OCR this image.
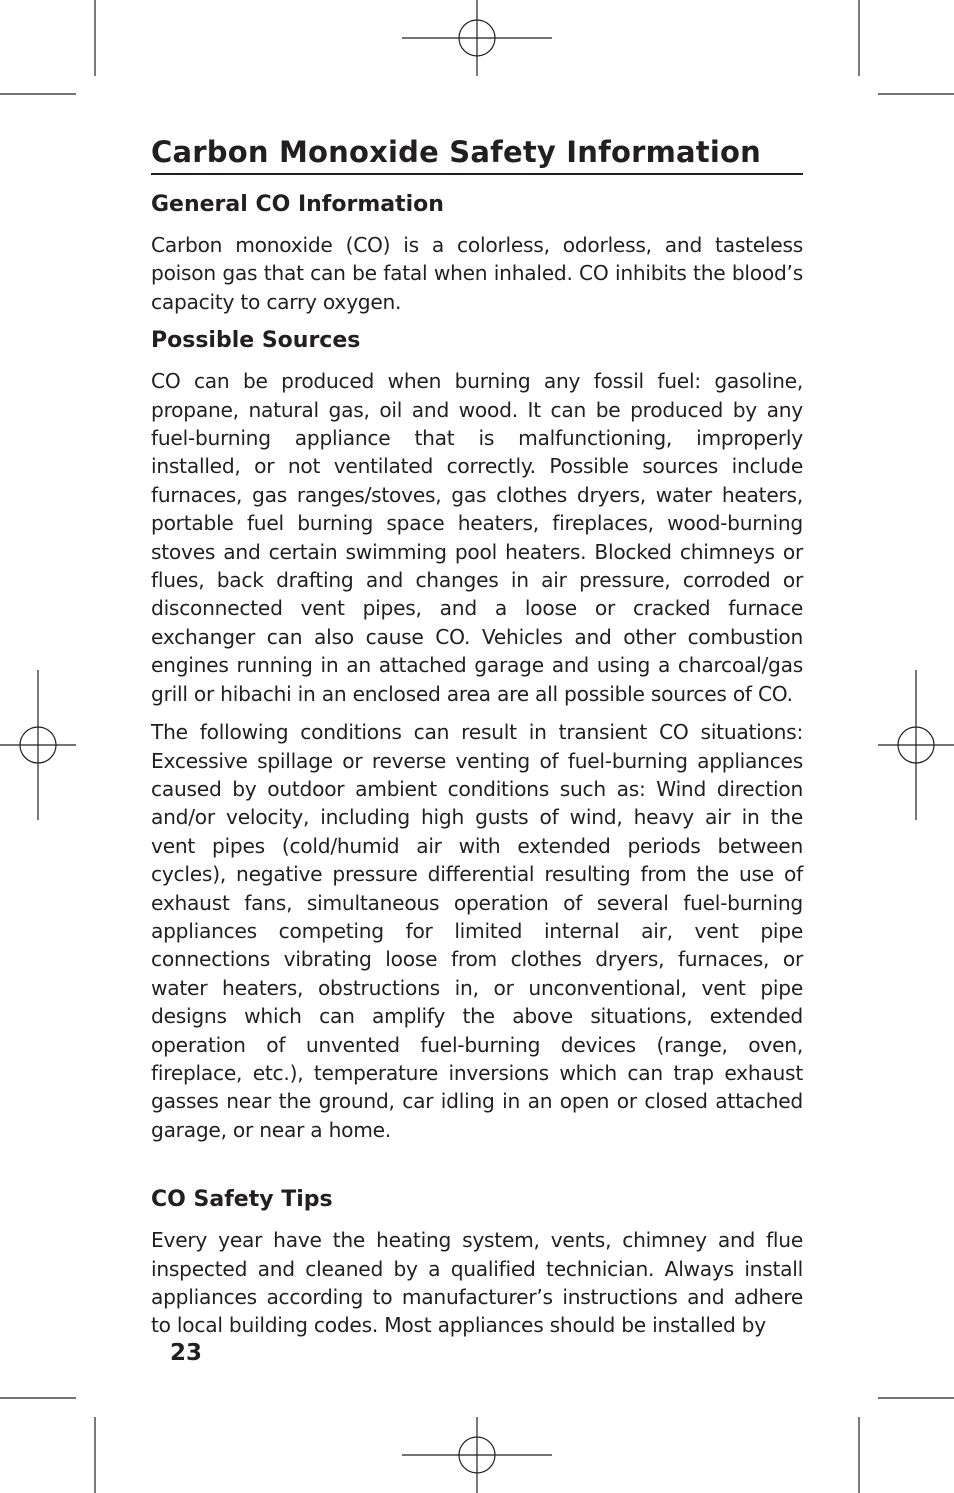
Carbon Monoxide Safety Information
General CO Information

Carbon monoxide (CO) is a colorless, odorless, and tasteless poison gas that can be fatal when inhaled. CO inhibits the blood’s capacity to carry oxygen.

Possible Sources

CO can be produced when burning any fossil fuel: gasoline, propane, natural gas, oil and wood. It can be produced by any fuel-burning appliance that is malfunctioning, improperly installed, or not ventilated correctly. Possible sources include furnaces, gas ranges/stoves, gas clothes dryers, water heaters, portable fuel burning space heaters, fireplaces, wood-burning stoves and certain swimming pool heaters. Blocked chimneys or flues, back drafting and changes in air pressure, corroded or disconnected vent pipes, and a loose or cracked furnace exchanger can also cause CO. Vehicles and other combustion engines running in an attached garage and using a charcoal/gas grill or hibachi in an enclosed area are all possible sources of CO.

The following conditions can result in transient CO situations: Excessive spillage or reverse venting of fuel-burning appliances caused by outdoor ambient conditions such as: Wind direction and/or velocity, including high gusts of wind, heavy air in the vent pipes (cold/humid air with extended periods between cycles), negative pressure differential resulting from the use of exhaust fans, simultaneous operation of several fuel-burning appliances competing for limited internal air, vent pipe connections vibrating loose from clothes dryers, furnaces, or water heaters, obstructions in, or unconventional, vent pipe designs which can amplify the above situations, extended operation of unvented fuel-burning devices (range, oven, fireplace, etc.), temperature inversions which can trap exhaust gasses near the ground, car idling in an open or closed attached garage, or near a home.

CO Safety Tips

Every year have the heating system, vents, chimney and flue inspected and cleaned by a qualified technician. Always install appliances according to manufacturer’s instructions and adhere to local building codes. Most appliances should be installed by

23
